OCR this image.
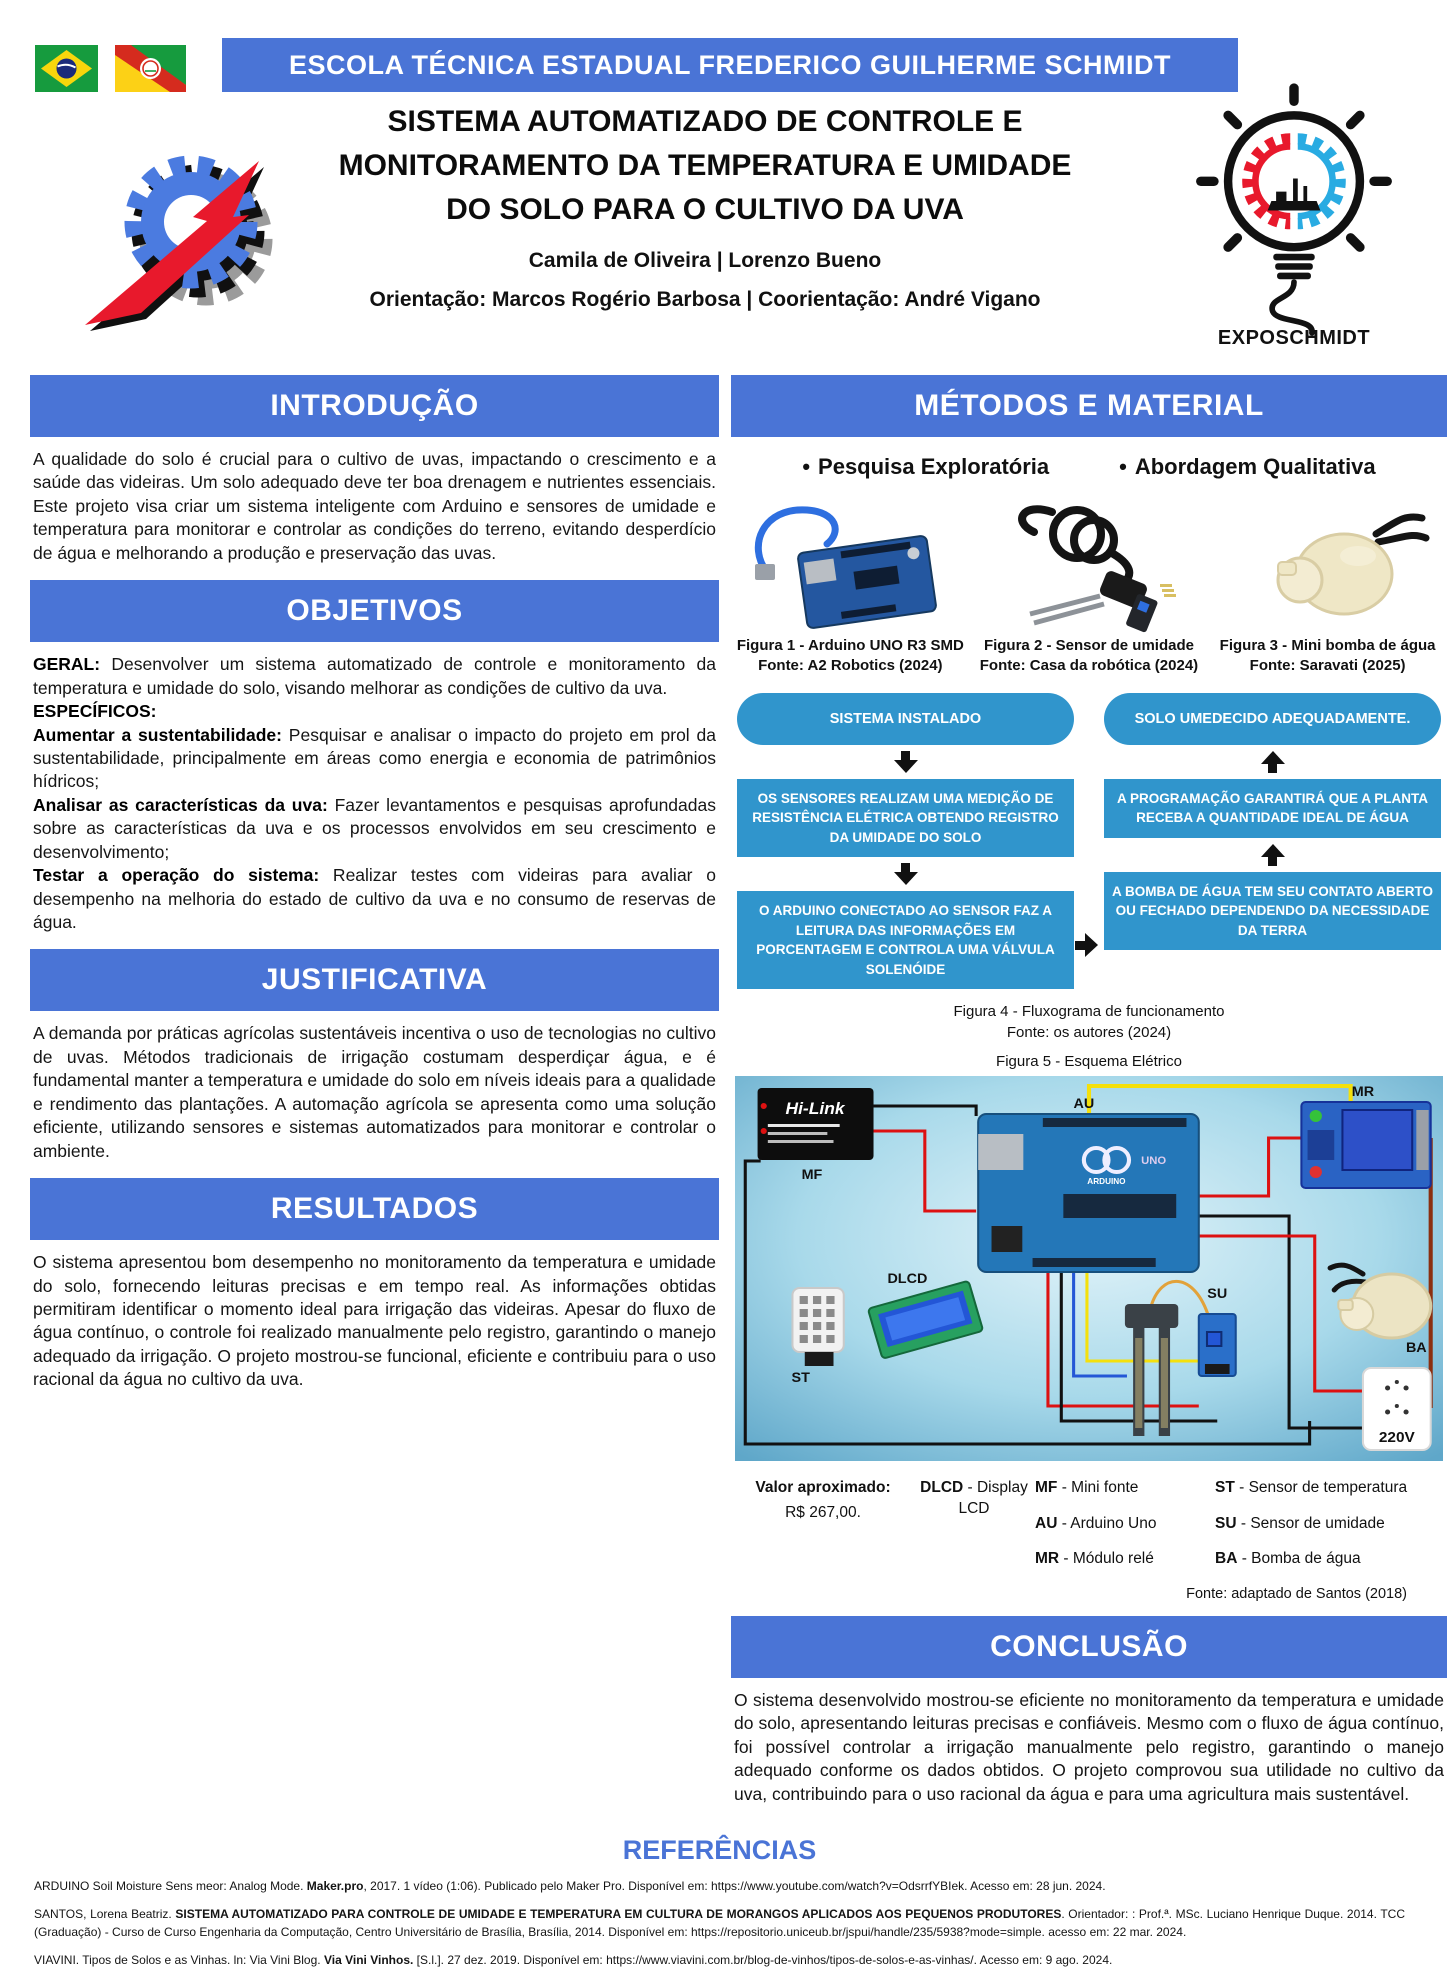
ESCOLA TÉCNICA ESTADUAL FREDERICO GUILHERME SCHMIDT
SISTEMA AUTOMATIZADO DE CONTROLE E
MONITORAMENTO DA TEMPERATURA E UMIDADE
DO SOLO PARA O CULTIVO DA UVA
Camila de Oliveira | Lorenzo Bueno
Orientação: Marcos Rogério Barbosa | Coorientação: André Vigano
EXPOSCHMIDT
INTRODUÇÃO

A qualidade do solo é crucial para o cultivo de uvas, impactando o crescimento e a saúde das videiras. Um solo adequado deve ter boa drenagem e nutrientes essenciais. Este projeto visa criar um sistema inteligente com Arduino e sensores de umidade e temperatura para monitorar e controlar as condições do terreno, evitando desperdício de água e melhorando a produção e preservação das uvas.

OBJETIVOS

GERAL: Desenvolver um sistema automatizado de controle e monitoramento da temperatura e umidade do solo, visando melhorar as condições de cultivo da uva.

ESPECÍFICOS:

Aumentar a sustentabilidade: Pesquisar e analisar o impacto do projeto em prol da sustentabilidade, principalmente em áreas como energia e economia de patrimônios hídricos;

Analisar as características da uva: Fazer levantamentos e pesquisas aprofundadas sobre as características da uva e os processos envolvidos em seu crescimento e desenvolvimento;

Testar a operação do sistema: Realizar testes com videiras para avaliar o desempenho na melhoria do estado de cultivo da uva e no consumo de reservas de água.

JUSTIFICATIVA

A demanda por práticas agrícolas sustentáveis incentiva o uso de tecnologias no cultivo de uvas. Métodos tradicionais de irrigação costumam desperdiçar água, e é fundamental manter a temperatura e umidade do solo em níveis ideais para a qualidade e rendimento das plantações. A automação agrícola se apresenta como uma solução eficiente, utilizando sensores e sistemas automatizados para monitorar e controlar o ambiente.

RESULTADOS

O sistema apresentou bom desempenho no monitoramento da temperatura e umidade do solo, fornecendo leituras precisas e em tempo real. As informações obtidas permitiram identificar o momento ideal para irrigação das videiras. Apesar do fluxo de água contínuo, o controle foi realizado manualmente pelo registro, garantindo o manejo adequado da irrigação. O projeto mostrou-se funcional, eficiente e contribuiu para o uso racional da água no cultivo da uva.

MÉTODOS E MATERIAL
• Pesquisa Exploratória	• Abordagem Qualitativa
Figura 1 - Arduino UNO R3 SMD
Fonte: A2 Robotics (2024)
Figura 2 - Sensor de umidade
Fonte: Casa da robótica (2024)
Figura 3 - Mini bomba de água
Fonte: Saravati (2025)
SISTEMA INSTALADO
OS SENSORES REALIZAM UMA MEDIÇÃO DE RESISTÊNCIA ELÉTRICA OBTENDO REGISTRO DA UMIDADE DO SOLO
O ARDUINO CONECTADO AO SENSOR FAZ A LEITURA DAS INFORMAÇÕES EM PORCENTAGEM E CONTROLA UMA VÁLVULA SOLENÓIDE
SOLO UMEDECIDO ADEQUADAMENTE.
A PROGRAMAÇÃO GARANTIRÁ QUE A PLANTA RECEBA A QUANTIDADE IDEAL DE ÁGUA
A BOMBA DE ÁGUA TEM SEU CONTATO ABERTO OU FECHADO DEPENDENDO DA NECESSIDADE DA TERRA
Figura 4 - Fluxograma de funcionamento
Fonte: os autores (2024)
Figura 5 - Esquema Elétrico
Hi-Link
MF
AU
ARDUINO
UNO
MR
ST
DLCD
SU
BA
220V
Valor aproximado:
R$ 267,00.
DLCD - Display LCD
MF - Mini fonte
AU - Arduino Uno
MR - Módulo relé
ST - Sensor de temperatura
SU - Sensor de umidade
BA - Bomba de água
Fonte: adaptado de Santos (2018)
CONCLUSÃO

O sistema desenvolvido mostrou-se eficiente no monitoramento da temperatura e umidade do solo, apresentando leituras precisas e confiáveis. Mesmo com o fluxo de água contínuo, foi possível controlar a irrigação manualmente pelo registro, garantindo o manejo adequado conforme os dados obtidos. O projeto comprovou sua utilidade no cultivo da uva, contribuindo para o uso racional da água e para uma agricultura mais sustentável.

REFERÊNCIAS

ARDUINO Soil Moisture Sens meor: Analog Mode. Maker.pro, 2017. 1 vídeo (1:06). Publicado pelo Maker Pro. Disponível em: https://www.youtube.com/watch?v=OdsrrfYBIek. Acesso em: 28 jun. 2024.

SANTOS, Lorena Beatriz. SISTEMA AUTOMATIZADO PARA CONTROLE DE UMIDADE E TEMPERATURA EM CULTURA DE MORANGOS APLICADOS AOS PEQUENOS PRODUTORES. Orientador: : Prof.ª. MSc. Luciano Henrique Duque. 2014. TCC (Graduação) - Curso de Curso Engenharia da Computação, Centro Universitário de Brasília, Brasília, 2014. Disponível em: https://repositorio.uniceub.br/jspui/handle/235/5938?mode=simple. acesso em: 22 mar. 2024.

VIAVINI. Tipos de Solos e as Vinhas. ln: Via Vini Blog. Via Vini Vinhos. [S.l.]. 27 dez. 2019. Disponível em: https://www.viavini.com.br/blog-de-vinhos/tipos-de-solos-e-as-vinhas/. Acesso em: 9 ago. 2024.
